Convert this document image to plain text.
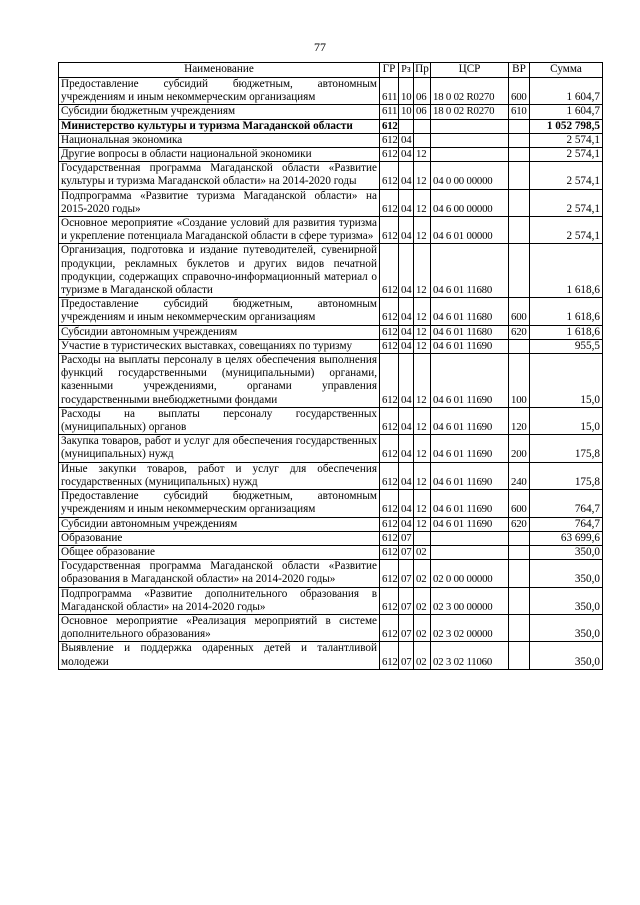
77
Наименование	ГР	Рз	Пр	ЦСР	ВР	Сумма
Предоставление субсидий бюджетным, автономным учреждениям и иным некоммерческим организациям	611	10	06	18 0 02 R0270	600	1 604,7
Субсидии бюджетным учреждениям	611	10	06	18 0 02 R0270	610	1 604,7
Министерство культуры и туризма Магаданской области	612					1 052 798,5
Национальная экономика	612	04				2 574,1
Другие вопросы в области национальной экономики	612	04	12			2 574,1
Государственная программа Магаданской области «Развитие культуры и туризма Магаданской области» на 2014-2020 годы	612	04	12	04 0 00 00000		2 574,1
Подпрограмма «Развитие туризма Магаданской области» на 2015-2020 годы»	612	04	12	04 6 00 00000		2 574,1
Основное мероприятие «Создание условий для развития туризма и укрепление потенциала Магаданской области в сфере туризма»	612	04	12	04 6 01 00000		2 574,1
Организация, подготовка и издание путеводителей, сувенирной продукции, рекламных буклетов и других видов печатной продукции, содержащих справочно-информационный материал о туризме в Магаданской области	612	04	12	04 6 01 11680		1 618,6
Предоставление субсидий бюджетным, автономным учреждениям и иным некоммерческим организациям	612	04	12	04 6 01 11680	600	1 618,6
Субсидии автономным учреждениям	612	04	12	04 6 01 11680	620	1 618,6
Участие в туристических выставках, совещаниях по туризму	612	04	12	04 6 01 11690		955,5
Расходы на выплаты персоналу в целях обеспечения выполнения функций государственными (муниципальными) органами, казенными учреждениями, органами управления государственными внебюджетными фондами	612	04	12	04 6 01 11690	100	15,0
Расходы на выплаты персоналу государственных (муниципальных) органов	612	04	12	04 6 01 11690	120	15,0
Закупка товаров, работ и услуг для обеспечения государственных (муниципальных) нужд	612	04	12	04 6 01 11690	200	175,8
Иные закупки товаров, работ и услуг для обеспечения государственных (муниципальных) нужд	612	04	12	04 6 01 11690	240	175,8
Предоставление субсидий бюджетным, автономным учреждениям и иным некоммерческим организациям	612	04	12	04 6 01 11690	600	764,7
Субсидии автономным учреждениям	612	04	12	04 6 01 11690	620	764,7
Образование	612	07				63 699,6
Общее образование	612	07	02			350,0
Государственная программа Магаданской области «Развитие образования в Магаданской области» на 2014-2020 годы»	612	07	02	02 0 00 00000		350,0
Подпрограмма «Развитие дополнительного образования в Магаданской области» на 2014-2020 годы»	612	07	02	02 3 00 00000		350,0
Основное мероприятие «Реализация мероприятий в системе дополнительного образования»	612	07	02	02 3 02 00000		350,0
Выявление и поддержка одаренных детей и талантливой молодежи	612	07	02	02 3 02 11060		350,0
